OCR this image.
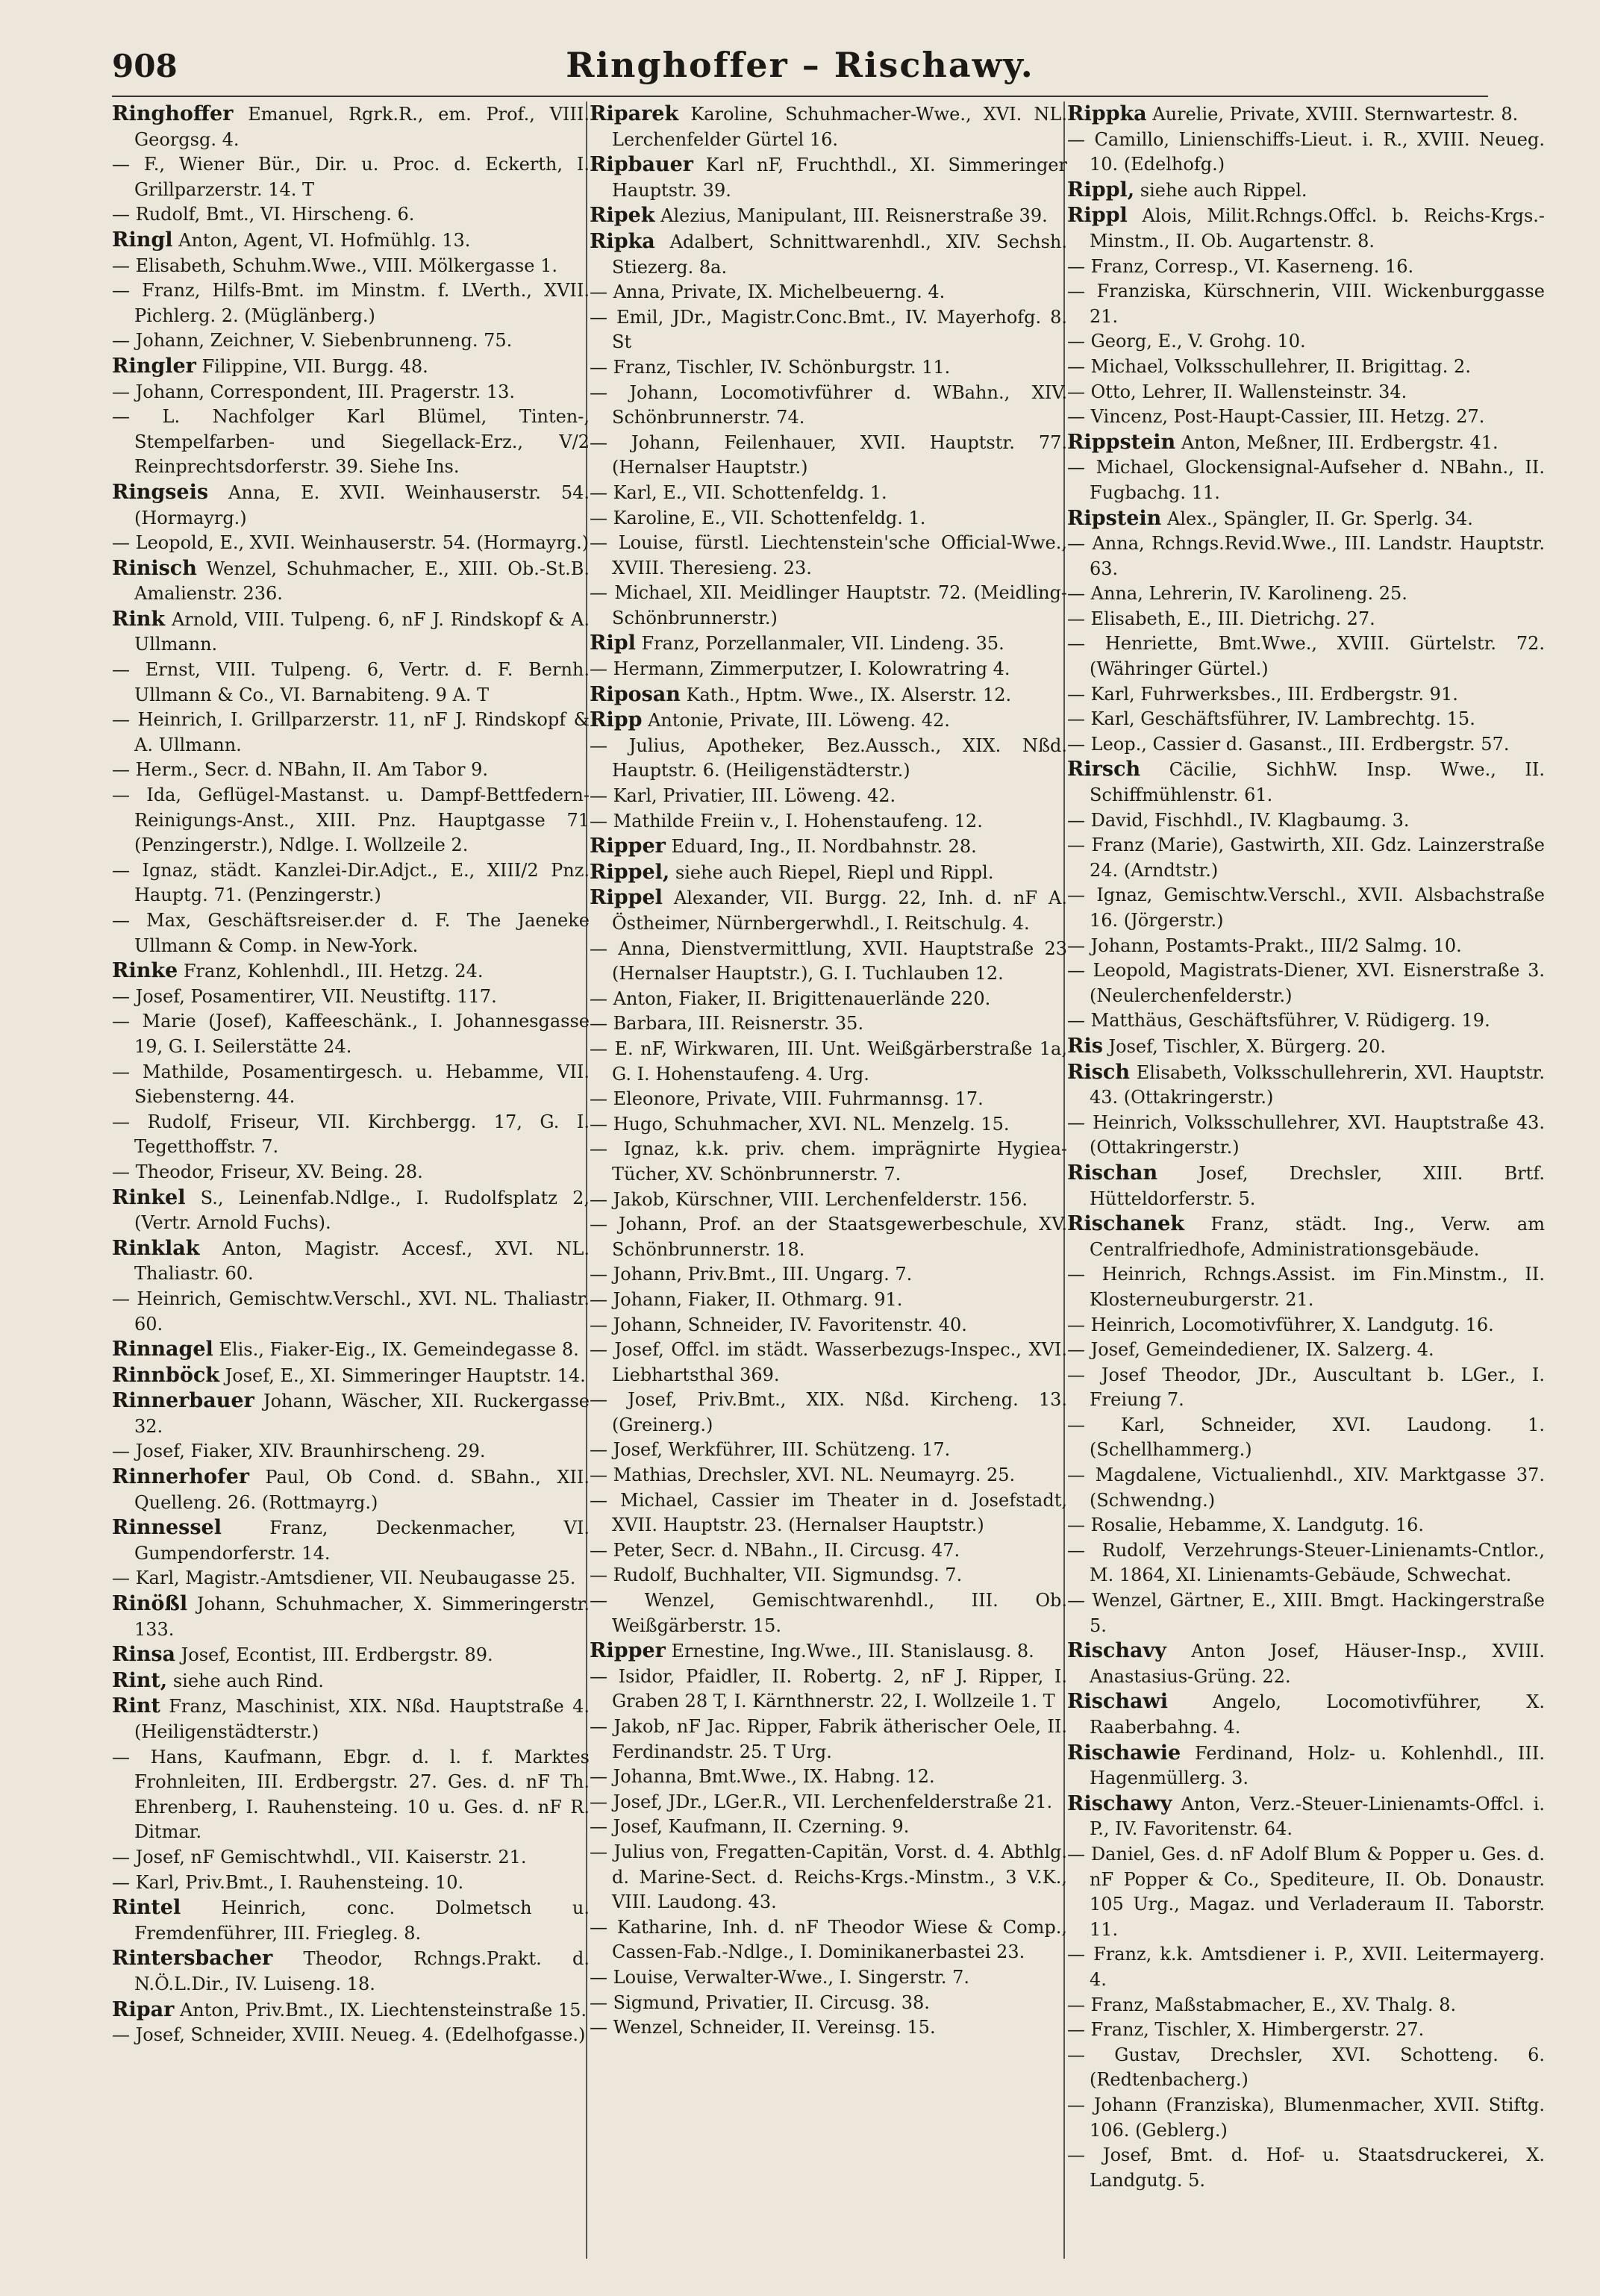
908	Ringhoffer – Rischawy.
Ringhoffer Emanuel, Rgrk.R., em. Prof., VIII. Georgsg. 4.
— F., Wiener Bür., Dir. u. Proc. d. Eckerth, I. Grillparzerstr. 14. T
— Rudolf, Bmt., VI. Hirscheng. 6.
Ringl Anton, Agent, VI. Hofmühlg. 13.
— Elisabeth, Schuhm.Wwe., VIII. Mölkergasse 1.
— Franz, Hilfs-Bmt. im Minstm. f. LVerth., XVII. Pichlerg. 2. (Müglänberg.)
— Johann, Zeichner, V. Siebenbrunneng. 75.
Ringler Filippine, VII. Burgg. 48.
— Johann, Correspondent, III. Pragerstr. 13.
— L. Nachfolger Karl Blümel, Tinten-, Stempelfarben- und Siegellack-Erz., V/2 Reinprechtsdorferstr. 39. Siehe Ins.
Ringseis Anna, E. XVII. Weinhauserstr. 54. (Hormayrg.)
— Leopold, E., XVII. Weinhauserstr. 54. (Hormayrg.)
Rinisch Wenzel, Schuhmacher, E., XIII. Ob.-St.B. Amalienstr. 236.
Rink Arnold, VIII. Tulpeng. 6, nF J. Rindskopf & A. Ullmann.
— Ernst, VIII. Tulpeng. 6, Vertr. d. F. Bernh. Ullmann & Co., VI. Barnabiteng. 9 A. T
— Heinrich, I. Grillparzerstr. 11, nF J. Rindskopf & A. Ullmann.
— Herm., Secr. d. NBahn, II. Am Tabor 9.
— Ida, Geflügel-Mastanst. u. Dampf-Bettfedern-Reinigungs-Anst., XIII. Pnz. Hauptgasse 71 (Penzingerstr.), Ndlge. I. Wollzeile 2.
— Ignaz, städt. Kanzlei-Dir.Adjct., E., XIII/2 Pnz. Hauptg. 71. (Penzingerstr.)
— Max, Geschäftsreiser.der d. F. The Jaeneke Ullmann & Comp. in New-York.
Rinke Franz, Kohlenhdl., III. Hetzg. 24.
— Josef, Posamentirer, VII. Neustiftg. 117.
— Marie (Josef), Kaffeeschänk., I. Johannesgasse 19, G. I. Seilerstätte 24.
— Mathilde, Posamentirgesch. u. Hebamme, VII. Siebensterng. 44.
— Rudolf, Friseur, VII. Kirchbergg. 17, G. I. Tegetthoffstr. 7.
— Theodor, Friseur, XV. Being. 28.
Rinkel S., Leinenfab.Ndlge., I. Rudolfsplatz 2, (Vertr. Arnold Fuchs).
Rinklak Anton, Magistr. Accesf., XVI. NL. Thaliastr. 60.
— Heinrich, Gemischtw.Verschl., XVI. NL. Thaliastr. 60.
Rinnagel Elis., Fiaker-Eig., IX. Gemeindegasse 8.
Rinnböck Josef, E., XI. Simmeringer Hauptstr. 14.
Rinnerbauer Johann, Wäscher, XII. Ruckergasse 32.
— Josef, Fiaker, XIV. Braunhirscheng. 29.
Rinnerhofer Paul, Ob Cond. d. SBahn., XII. Quelleng. 26. (Rottmayrg.)
Rinnessel	Franz, Deckenmacher, VI. Gumpendorferstr. 14.
— Karl, Magistr.-Amtsdiener, VII. Neubaugasse 25.
Rinößl Johann, Schuhmacher, X. Simmeringerstr. 133.
Rinsa Josef, Econtist, III. Erdbergstr. 89.
Rint, siehe auch Rind.
Rint Franz, Maschinist, XIX. Nßd. Hauptstraße 4. (Heiligenstädterstr.)
— Hans, Kaufmann, Ebgr. d. l. f. Marktes Frohnleiten, III. Erdbergstr. 27. Ges. d. nF Th. Ehrenberg, I. Rauhensteing. 10 u. Ges. d. nF R. Ditmar.
— Josef, nF Gemischtwhdl., VII. Kaiserstr. 21.
— Karl, Priv.Bmt., I. Rauhensteing. 10.
Rintel Heinrich, conc. Dolmetsch u. Fremdenführer, III. Friegleg. 8.
Rintersbacher Theodor, Rchngs.Prakt. d. N.Ö.L.Dir., IV. Luiseng. 18.
Ripar Anton, Priv.Bmt., IX. Liechtensteinstraße 15.
— Josef, Schneider, XVIII. Neueg. 4. (Edelhofgasse.)
Riparek Karoline, Schuhmacher-Wwe., XVI. NL. Lerchenfelder Gürtel 16.
Ripbauer Karl nF, Fruchthdl., XI. Simmeringer Hauptstr. 39.
Ripek Alezius, Manipulant, III. Reisnerstraße 39.
Ripka Adalbert, Schnittwarenhdl., XIV. Sechsh. Stiezerg. 8a.
— Anna, Private, IX. Michelbeuerng. 4.
— Emil, JDr., Magistr.Conc.Bmt., IV. Mayerhofg. 8. St
— Franz, Tischler, IV. Schönburgstr. 11.
— Johann, Locomotivführer d. WBahn., XIV. Schönbrunnerstr. 74.
— Johann, Feilenhauer, XVII. Hauptstr. 77. (Hernalser Hauptstr.)
— Karl, E., VII. Schottenfeldg. 1.
— Karoline, E., VII. Schottenfeldg. 1.
— Louise, fürstl. Liechtenstein'sche Official-Wwe., XVIII. Theresieng. 23.
— Michael, XII. Meidlinger Hauptstr. 72. (Meidling-Schönbrunnerstr.)
Ripl Franz, Porzellanmaler, VII. Lindeng. 35.
— Hermann, Zimmerputzer, I. Kolowratring 4.
Riposan Kath., Hptm. Wwe., IX. Alserstr. 12.
Ripp Antonie, Private, III. Löweng. 42.
— Julius, Apotheker, Bez.Aussch., XIX. Nßd. Hauptstr. 6. (Heiligenstädterstr.)
— Karl, Privatier, III. Löweng. 42.
— Mathilde Freiin v., I. Hohenstaufeng. 12.
Ripper Eduard, Ing., II. Nordbahnstr. 28.
Rippel, siehe auch Riepel, Riepl und Rippl.
Rippel Alexander, VII. Burgg. 22, Inh. d. nF A. Östheimer, Nürnbergerwhdl., I. Reitschulg. 4.
— Anna, Dienstvermittlung, XVII. Hauptstraße 23 (Hernalser Hauptstr.), G. I. Tuchlauben 12.
— Anton, Fiaker, II. Brigittenauerlände 220.
— Barbara, III. Reisnerstr. 35.
— E. nF, Wirkwaren, III. Unt. Weißgärberstraße 1a, G. I. Hohenstaufeng. 4. Urg.
— Eleonore, Private, VIII. Fuhrmannsg. 17.
— Hugo, Schuhmacher, XVI. NL. Menzelg. 15.
— Ignaz, k.k. priv. chem. imprägnirte Hygiea-Tücher, XV. Schönbrunnerstr. 7.
— Jakob, Kürschner, VIII. Lerchenfelderstr. 156.
— Johann, Prof. an der Staatsgewerbeschule, XV. Schönbrunnerstr. 18.
— Johann, Priv.Bmt., III. Ungarg. 7.
— Johann, Fiaker, II. Othmarg. 91.
— Johann, Schneider, IV. Favoritenstr. 40.
— Josef, Offcl. im städt. Wasserbezugs-Inspec., XVI. Liebhartsthal 369.
— Josef, Priv.Bmt., XIX. Nßd. Kircheng. 13. (Greinerg.)
— Josef, Werkführer, III. Schützeng. 17.
— Mathias, Drechsler, XVI. NL. Neumayrg. 25.
— Michael, Cassier im Theater in d. Josefstadt, XVII. Hauptstr. 23. (Hernalser Hauptstr.)
— Peter, Secr. d. NBahn., II. Circusg. 47.
— Rudolf, Buchhalter, VII. Sigmundsg. 7.
— Wenzel, Gemischtwarenhdl., III. Ob. Weißgärberstr. 15.
Ripper Ernestine, Ing.Wwe., III. Stanislausg. 8.
— Isidor, Pfaidler, II. Robertg. 2, nF J. Ripper, I. Graben 28 T, I. Kärnthnerstr. 22, I. Wollzeile 1. T
— Jakob, nF Jac. Ripper, Fabrik ätherischer Oele, II. Ferdinandstr. 25. T Urg.
— Johanna, Bmt.Wwe., IX. Habng. 12.
— Josef, JDr., LGer.R., VII. Lerchenfelderstraße 21.
— Josef, Kaufmann, II. Czerning. 9.
— Julius von, Fregatten-Capitän, Vorst. d. 4. Abthlg. d. Marine-Sect. d. Reichs-Krgs.-Minstm., 3 V.K., VIII. Laudong. 43.
— Katharine, Inh. d. nF Theodor Wiese & Comp., Cassen-Fab.-Ndlge., I. Dominikanerbastei 23.
— Louise, Verwalter-Wwe., I. Singerstr. 7.
— Sigmund, Privatier, II. Circusg. 38.
— Wenzel, Schneider, II. Vereinsg. 15.
Rippka Aurelie, Private, XVIII. Sternwartestr. 8.
— Camillo, Linienschiffs-Lieut. i. R., XVIII. Neueg. 10. (Edelhofg.)
Rippl, siehe auch Rippel.
Rippl Alois, Milit.Rchngs.Offcl. b. Reichs-Krgs.-Minstm., II. Ob. Augartenstr. 8.
— Franz, Corresp., VI. Kaserneng. 16.
— Franziska, Kürschnerin, VIII. Wickenburggasse 21.
— Georg, E., V. Grohg. 10.
— Michael, Volksschullehrer, II. Brigittag. 2.
— Otto, Lehrer, II. Wallensteinstr. 34.
— Vincenz, Post-Haupt-Cassier, III. Hetzg. 27.
Rippstein Anton, Meßner, III. Erdbergstr. 41.
— Michael, Glockensignal-Aufseher d. NBahn., II. Fugbachg. 11.
Ripstein Alex., Spängler, II. Gr. Sperlg. 34.
— Anna, Rchngs.Revid.Wwe., III. Landstr. Hauptstr. 63.
— Anna, Lehrerin, IV. Karolineng. 25.
— Elisabeth, E., III. Dietrichg. 27.
— Henriette, Bmt.Wwe., XVIII. Gürtelstr. 72. (Währinger Gürtel.)
— Karl, Fuhrwerksbes., III. Erdbergstr. 91.
— Karl, Geschäftsführer, IV. Lambrechtg. 15.
— Leop., Cassier d. Gasanst., III. Erdbergstr. 57.
Rirsch Cäcilie, SichhW. Insp. Wwe., II. Schiffmühlenstr. 61.
— David, Fischhdl., IV. Klagbaumg. 3.
— Franz (Marie), Gastwirth, XII. Gdz. Lainzerstraße 24. (Arndtstr.)
— Ignaz, Gemischtw.Verschl., XVII. Alsbachstraße 16. (Jörgerstr.)
— Johann, Postamts-Prakt., III/2 Salmg. 10.
— Leopold, Magistrats-Diener, XVI. Eisnerstraße 3. (Neulerchenfelderstr.)
— Matthäus, Geschäftsführer, V. Rüdigerg. 19.
Ris Josef, Tischler, X. Bürgerg. 20.
Risch Elisabeth, Volksschullehrerin, XVI. Hauptstr. 43. (Ottakringerstr.)
— Heinrich, Volksschullehrer, XVI. Hauptstraße 43. (Ottakringerstr.)
Rischan Josef, Drechsler, XIII. Brtf. Hütteldorferstr. 5.
Rischanek Franz, städt. Ing., Verw. am Centralfriedhofe, Administrationsgebäude.
— Heinrich, Rchngs.Assist. im Fin.Minstm., II. Klosterneuburgerstr. 21.
— Heinrich, Locomotivführer, X. Landgutg. 16.
— Josef, Gemeindediener, IX. Salzerg. 4.
— Josef Theodor, JDr., Auscultant b. LGer., I. Freiung 7.
— Karl, Schneider, XVI. Laudong. 1. (Schellhammerg.)
— Magdalene, Victualienhdl., XIV. Marktgasse 37. (Schwendng.)
— Rosalie, Hebamme, X. Landgutg. 16.
— Rudolf, Verzehrungs-Steuer-Linienamts-Cntlor., M. 1864, XI. Linienamts-Gebäude, Schwechat.
— Wenzel, Gärtner, E., XIII. Bmgt. Hackingerstraße 5.
Rischavy Anton Josef, Häuser-Insp., XVIII. Anastasius-Grüng. 22.
Rischawi Angelo, Locomotivführer, X. Raaberbahng. 4.
Rischawie Ferdinand, Holz- u. Kohlenhdl., III. Hagenmüllerg. 3.
Rischawy Anton, Verz.-Steuer-Linienamts-Offcl. i. P., IV. Favoritenstr. 64.
— Daniel, Ges. d. nF Adolf Blum & Popper u. Ges. d. nF Popper & Co., Spediteure, II. Ob. Donaustr. 105 Urg., Magaz. und Verladeraum II. Taborstr. 11.
— Franz, k.k. Amtsdiener i. P., XVII. Leitermayerg. 4.
— Franz, Maßstabmacher, E., XV. Thalg. 8.
— Franz, Tischler, X. Himbergerstr. 27.
— Gustav, Drechsler, XVI. Schotteng. 6. (Redtenbacherg.)
— Johann (Franziska), Blumenmacher, XVII. Stiftg. 106. (Geblerg.)
— Josef, Bmt. d. Hof- u. Staatsdruckerei, X. Landgutg. 5.
